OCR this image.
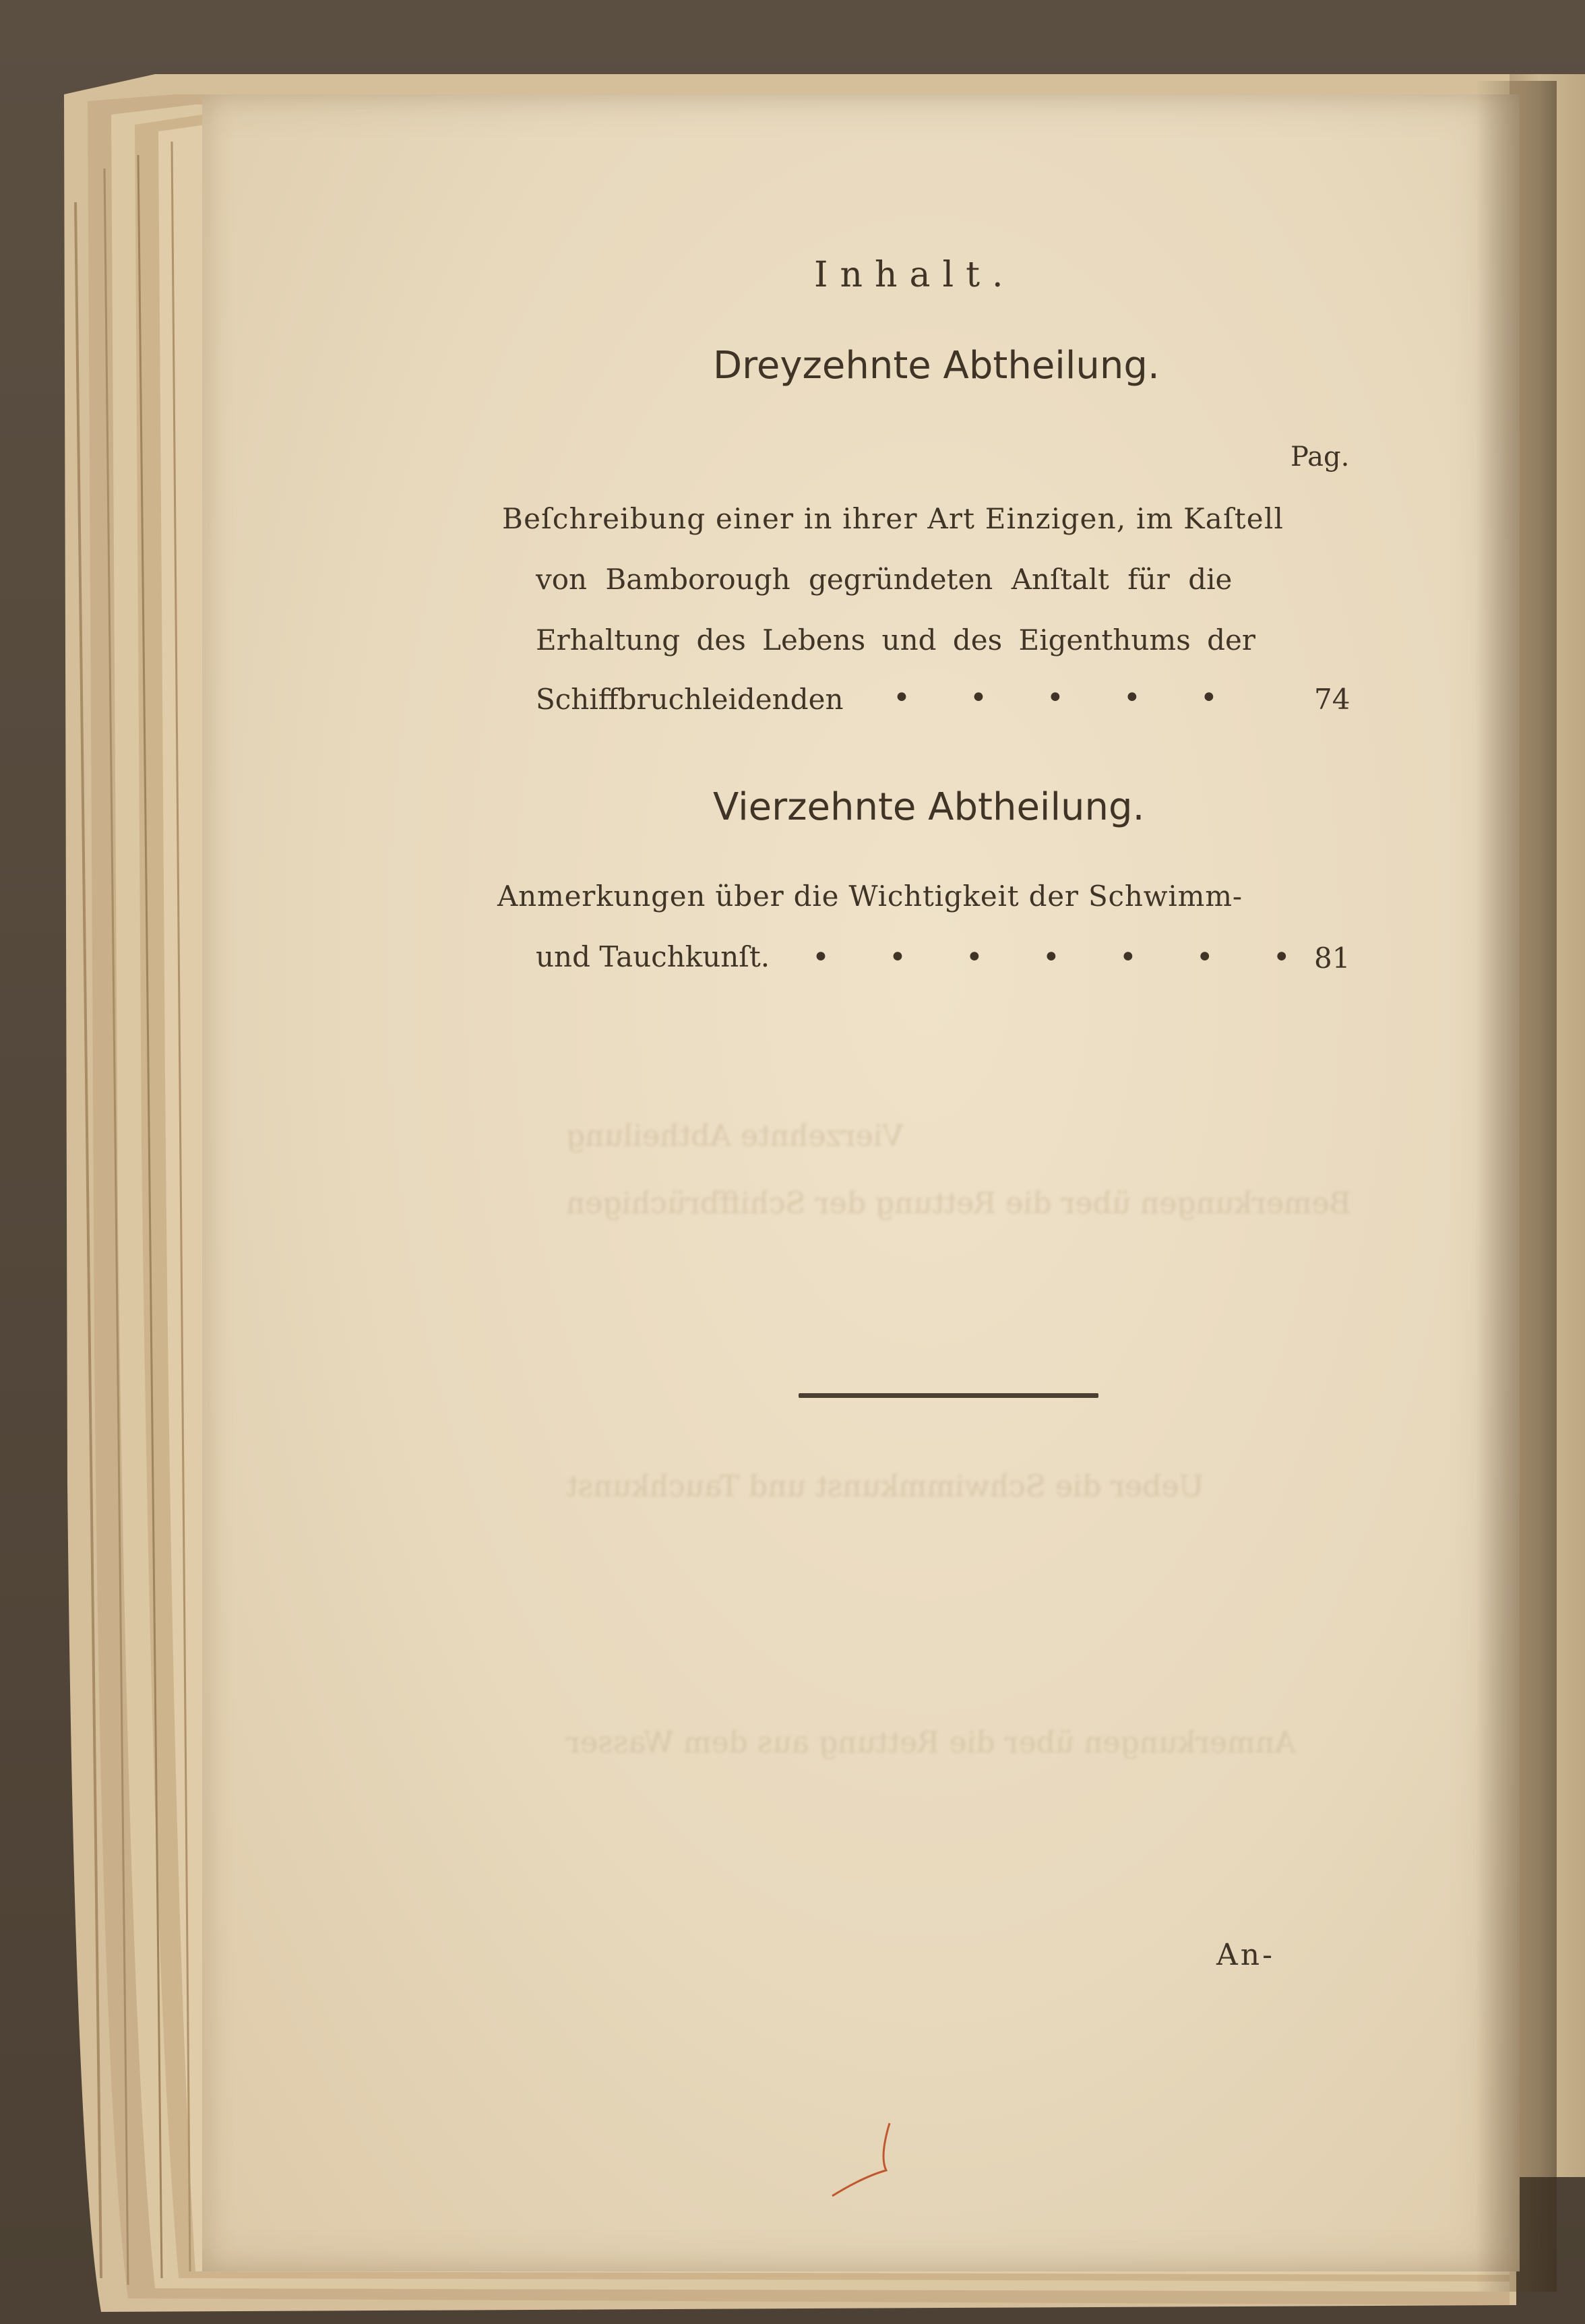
Vierzehnte Abtheilung
Bemerkungen über die Rettung der Schiffbrüchigen
Ueber die Schwimmkunst und Tauchkunst
Anmerkungen über die Rettung aus dem Wasser
Inhalt.
Dreyzehnte Abtheilung.
Pag.
Beſchreibung einer in ihrer Art Einzigen, im Kaſtell
von Bamborough gegründeten Anſtalt für die
Erhaltung des Lebens und des Eigenthums der
Schiffbruchleidenden •  •  •  •  •	74
Vierzehnte Abtheilung.
Anmerkungen über die Wichtigkeit der Schwimm-
und Tauchkunſt. •  •  •  •  •  •  • 81
An-
